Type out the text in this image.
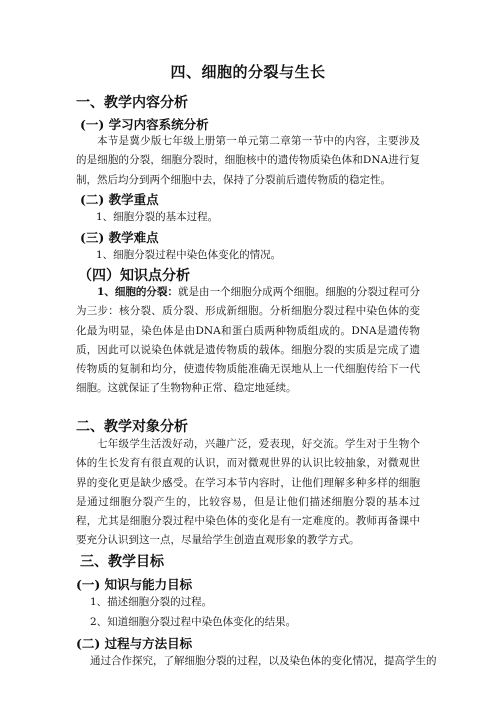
四、细胞的分裂与生长
一、教学内容分析
(一) 学习内容系统分析
本节是冀少版七年级上册第一单元第二章第一节中的内容，主要涉及的是细胞的分裂，细胞分裂时，细胞核中的遗传物质染色体和DNA进行复制，然后均分到两个细胞中去，保持了分裂前后遗传物质的稳定性。
(二) 教学重点
1、细胞分裂的基本过程。
(三) 教学难点
1、细胞分裂过程中染色体变化的情况。
（四）知识点分析
1、细胞的分裂：就是由一个细胞分成两个细胞。细胞的分裂过程可分为三步：核分裂、质分裂、形成新细胞。分析细胞分裂过程中染色体的变化最为明显，染色体是由DNA和蛋白质两种物质组成的。DNA是遗传物质，因此可以说染色体就是遗传物质的载体。细胞分裂的实质是完成了遗传物质的复制和均分，使遗传物质能准确无误地从上一代细胞传给下一代细胞。这就保证了生物物种正常、稳定地延续。
二、教学对象分析
七年级学生活泼好动，兴趣广泛，爱表现，好交流。学生对于生物个体的生长发育有很直观的认识，而对微观世界的认识比较抽象，对微观世界的变化更是缺少感受。在学习本节内容时，让他们理解多种多样的细胞是通过细胞分裂产生的，比较容易，但是让他们描述细胞分裂的基本过程，尤其是细胞分裂过程中染色体的变化是有一定难度的。教师再备课中要充分认识到这一点，尽量给学生创造直观形象的教学方式。
三、教学目标
(一) 知识与能力目标
1、描述细胞分裂的过程。
2、知道细胞分裂过程中染色体变化的结果。
(二) 过程与方法目标
通过合作探究，了解细胞分裂的过程，以及染色体的变化情况，提高学生的
